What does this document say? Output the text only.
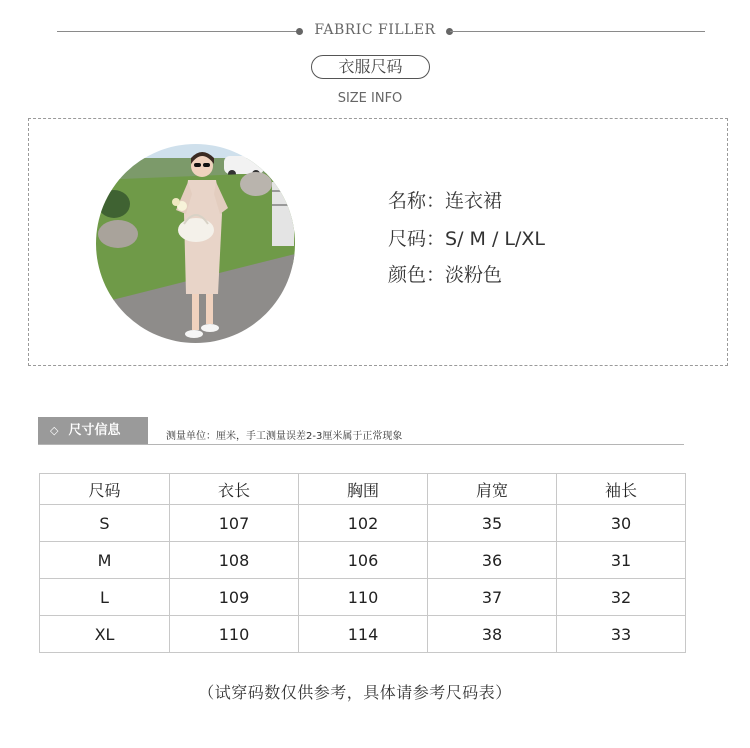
FABRIC FILLER
衣服尺码
SIZE INFO
名称：连衣裙
尺码：S/ M / L/XL
颜色：淡粉色
◇ 尺寸信息	测量单位：厘米，手工测量误差2-3厘米属于正常现象
尺码	衣长	胸围	肩宽	袖长
S	107	102	35	30
M	108	106	36	31
L	109	110	37	32
XL	110	114	38	33
（试穿码数仅供参考，具体请参考尺码表）
